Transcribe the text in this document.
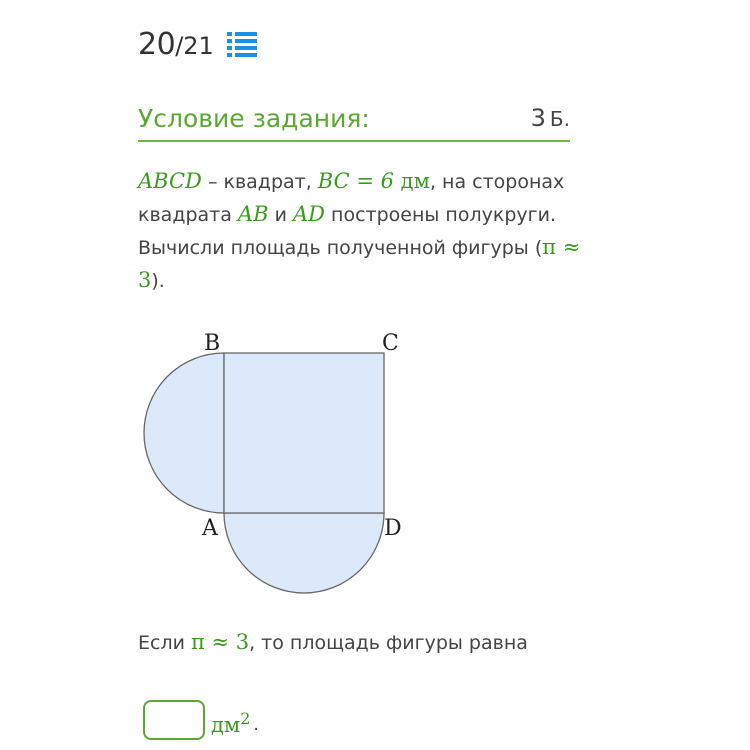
20 / 21
Условие задания:	3 Б.
ABCD – квадрат, BC = 6 дм, на сторонах квадрата AB и AD построены полукруги. Вычисли площадь полученной фигуры (π ≈ 3).
B	C
A	D
Если π ≈ 3, то площадь фигуры равна
$дм^2$ .
